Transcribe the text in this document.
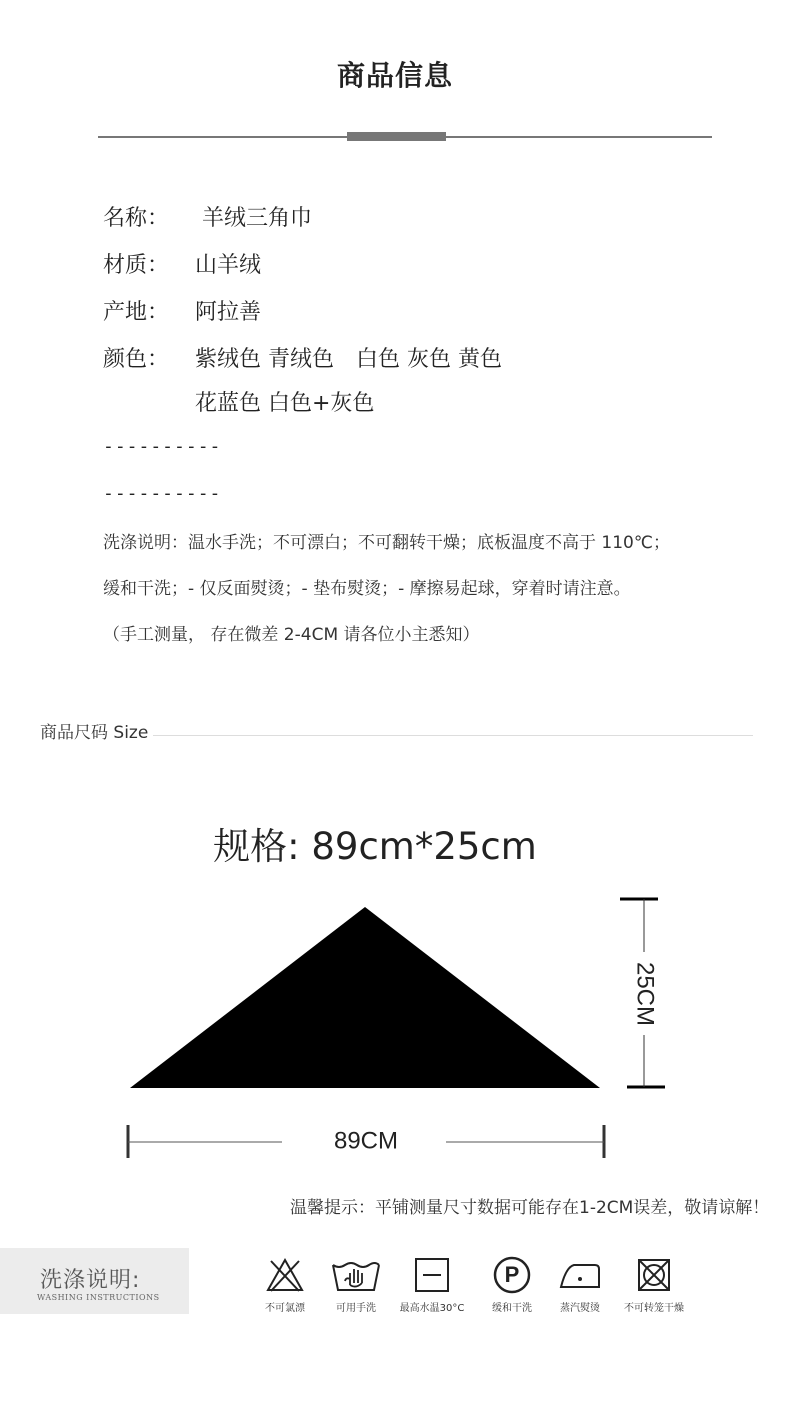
商品信息
名称： 羊绒三角巾
材质： 山羊绒
产地： 阿拉善
颜色： 紫绒色 青绒色　白色 灰色 黄色
花蓝色 白色+灰色
----------
----------
洗涤说明：温水手洗；不可漂白；不可翻转干燥；底板温度不高于 110℃；
缓和干洗；- 仅反面熨烫；- 垫布熨烫；- 摩擦易起球，穿着时请注意。
（手工测量， 存在微差 2-4CM 请各位小主悉知）
商品尺码 Size
规格: 89cm*25cm
25CM
89CM
温馨提示：平铺测量尺寸数据可能存在1-2CM误差，敬请谅解！
洗涤说明:
WASHING INSTRUCTIONS
不可氯漂	可用手洗	最高水温30°C
P
缓和干洗	蒸汽熨烫	不可转笼干燥
